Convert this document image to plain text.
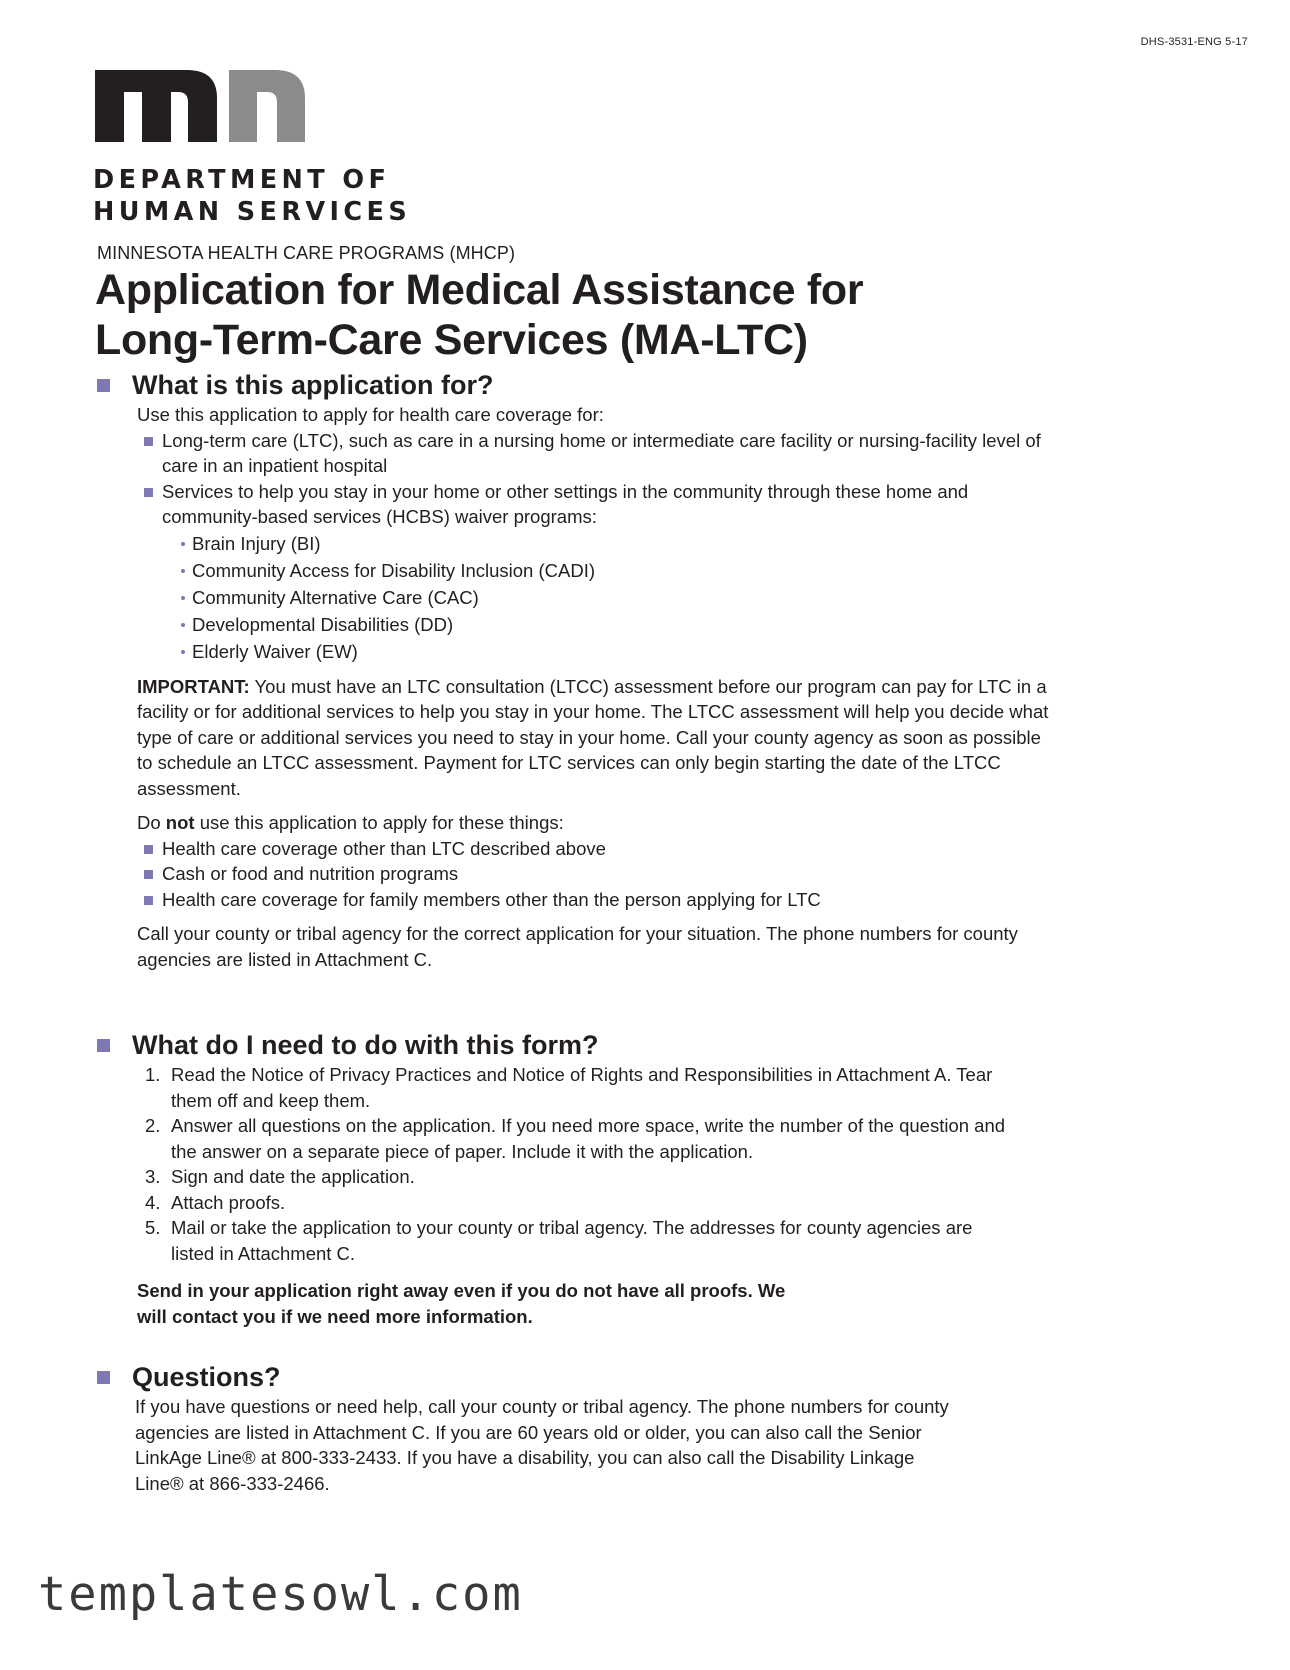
DHS-3531-ENG 5-17
DEPARTMENT OF
HUMAN SERVICES
MINNESOTA HEALTH CARE PROGRAMS (MHCP)
Application for Medical Assistance for
Long-Term-Care Services (MA-LTC)
What is this application for?

Use this application to apply for health care coverage for:

Long-term care (LTC), such as care in a nursing home or intermediate care facility or nursing-facility level of care in an inpatient hospital
Services to help you stay in your home or other settings in the community through these home and community-based services (HCBS) waiver programs:
Brain Injury (BI)
Community Access for Disability Inclusion (CADI)
Community Alternative Care (CAC)
Developmental Disabilities (DD)
Elderly Waiver (EW)

IMPORTANT: You must have an LTC consultation (LTCC) assessment before our program can pay for LTC in a facility or for additional services to help you stay in your home. The LTCC assessment will help you decide what type of care or additional services you need to stay in your home. Call your county agency as soon as possible to schedule an LTCC assessment. Payment for LTC services can only begin starting the date of the LTCC assessment.

Do not use this application to apply for these things:

Health care coverage other than LTC described above
Cash or food and nutrition programs
Health care coverage for family members other than the person applying for LTC

Call your county or tribal agency for the correct application for your situation. The phone numbers for county agencies are listed in Attachment C.

What do I need to do with this form?
1. Read the Notice of Privacy Practices and Notice of Rights and Responsibilities in Attachment A. Tear them off and keep them.
2. Answer all questions on the application. If you need more space, write the number of the question and the answer on a separate piece of paper. Include it with the application.
3. Sign and date the application.
4. Attach proofs.
5. Mail or take the application to your county or tribal agency. The addresses for county agencies are listed in Attachment C.

Send in your application right away even if you do not have all proofs. We
will contact you if we need more information.

Questions?

If you have questions or need help, call your county or tribal agency. The phone numbers for county agencies are listed in Attachment C. If you are 60 years old or older, you can also call the Senior LinkAge Line® at 800-333-2433. If you have a disability, you can also call the Disability Linkage Line® at 866-333-2466.

templatesowl.com
